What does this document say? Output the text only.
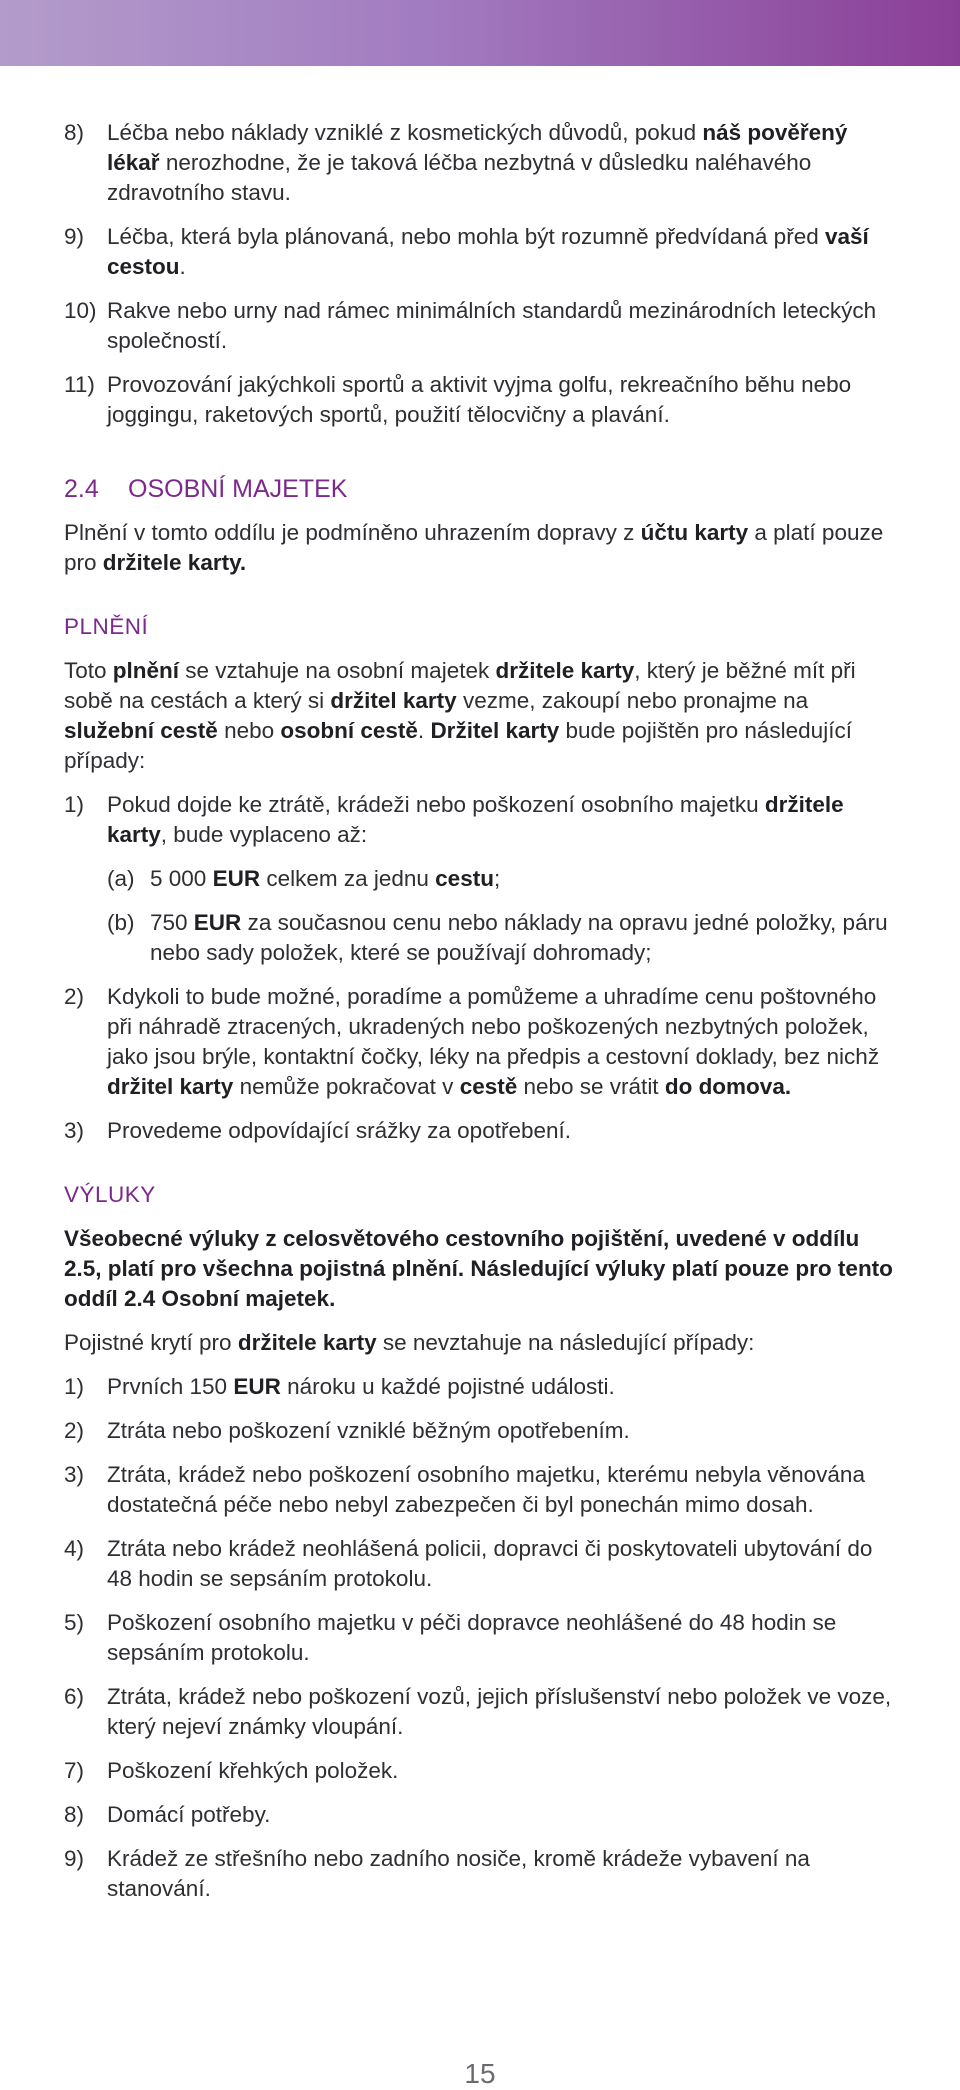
8)	Léčba nebo náklady vzniklé z kosmetických důvodů, pokud náš pověřený lékař nerozhodne, že je taková léčba nezbytná v důsledku naléhavého zdravotního stavu.
9)	Léčba, která byla plánovaná, nebo mohla být rozumně předvídaná před vaší cestou.
10) Rakve nebo urny nad rámec minimálních standardů mezinárodních leteckých společností.
11) Provozování jakýchkoli sportů a aktivit vyjma golfu, rekreačního běhu nebo joggingu, raketových sportů, použití tělocvičny a plavání.
2.4 OSOBNÍ MAJETEK

Plnění v tomto oddílu je podmíněno uhrazením dopravy z účtu karty a platí pouze pro držitele karty.

PLNĚNÍ

Toto plnění se vztahuje na osobní majetek držitele karty, který je běžné mít při sobě na cestách a který si držitel karty vezme, zakoupí nebo pronajme na služební cestě nebo osobní cestě. Držitel karty bude pojištěn pro následující případy:

1)	Pokud dojde ke ztrátě, krádeži nebo poškození osobního majetku držitele karty, bude vyplaceno až:
(a) 5 000 EUR celkem za jednu cestu;
(b) 750 EUR za současnou cenu nebo náklady na opravu jedné položky, páru nebo sady položek, které se používají dohromady;
2)	Kdykoli to bude možné, poradíme a pomůžeme a uhradíme cenu poštovného při náhradě ztracených, ukradených nebo poškozených nezbytných položek, jako jsou brýle, kontaktní čočky, léky na předpis a cestovní doklady, bez nichž držitel karty nemůže pokračovat v cestě nebo se vrátit do domova.
3)	Provedeme odpovídající srážky za opotřebení.
VÝLUKY

Všeobecné výluky z celosvětového cestovního pojištění, uvedené v oddílu 2.5, platí pro všechna pojistná plnění. Následující výluky platí pouze pro tento oddíl 2.4 Osobní majetek.

Pojistné krytí pro držitele karty se nevztahuje na následující případy:

1)	Prvních 150 EUR nároku u každé pojistné události.
2)	Ztráta nebo poškození vzniklé běžným opotřebením.
3)	Ztráta, krádež nebo poškození osobního majetku, kterému nebyla věnována dostatečná péče nebo nebyl zabezpečen či byl ponechán mimo dosah.
4)	Ztráta nebo krádež neohlášená policii, dopravci či poskytovateli ubytování do 48 hodin se sepsáním protokolu.
5)	Poškození osobního majetku v péči dopravce neohlášené do 48 hodin se sepsáním protokolu.
6)	Ztráta, krádež nebo poškození vozů, jejich příslušenství nebo položek ve voze, který nejeví známky vloupání.
7)	Poškození křehkých položek.
8)	Domácí potřeby.
9)	Krádež ze střešního nebo zadního nosiče, kromě krádeže vybavení na stanování.
15
